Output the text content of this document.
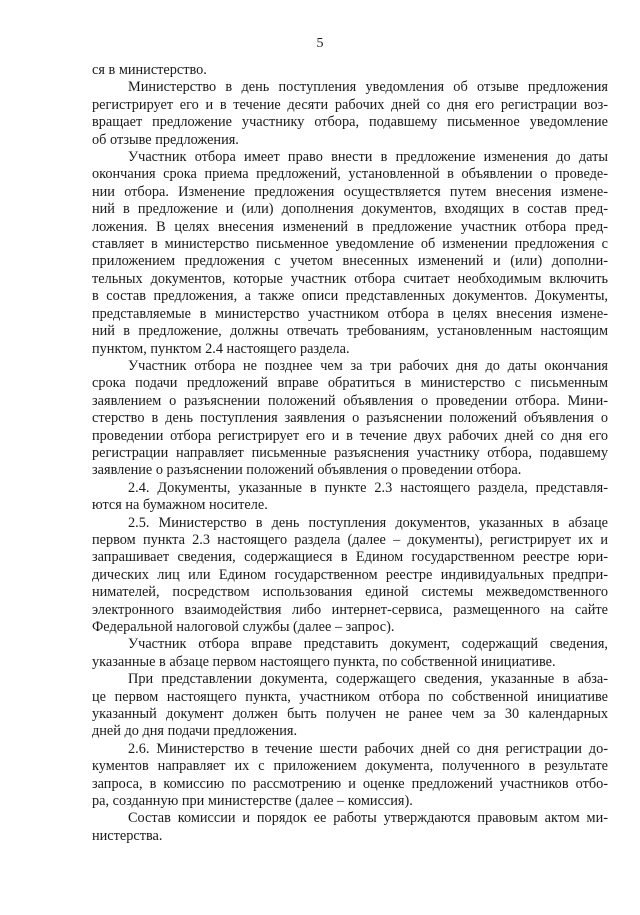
5
ся в министерство.
Министерство в день поступления уведомления об отзыве предложения
регистрирует его и в течение десяти рабочих дней со дня его регистрации воз-
вращает предложение участнику отбора, подавшему письменное уведомление
об отзыве предложения.
Участник отбора имеет право внести в предложение изменения до даты
окончания срока приема предложений, установленной в объявлении о проведе-
нии отбора. Изменение предложения осуществляется путем внесения измене-
ний в предложение и (или) дополнения документов, входящих в состав пред-
ложения. В целях внесения изменений в предложение участник отбора пред-
ставляет в министерство письменное уведомление об изменении предложения с
приложением предложения с учетом внесенных изменений и (или) дополни-
тельных документов, которые участник отбора считает необходимым включить
в состав предложения, а также описи представленных документов. Документы,
представляемые в министерство участником отбора в целях внесения измене-
ний в предложение, должны отвечать требованиям, установленным настоящим
пунктом, пунктом 2.4 настоящего раздела.
Участник отбора не позднее чем за три рабочих дня до даты окончания
срока подачи предложений вправе обратиться в министерство с письменным
заявлением о разъяснении положений объявления о проведении отбора. Мини-
стерство в день поступления заявления о разъяснении положений объявления о
проведении отбора регистрирует его и в течение двух рабочих дней со дня его
регистрации направляет письменные разъяснения участнику отбора, подавшему
заявление о разъяснении положений объявления о проведении отбора.
2.4. Документы, указанные в пункте 2.3 настоящего раздела, представля-
ются на бумажном носителе.
2.5. Министерство в день поступления документов, указанных в абзаце
первом пункта 2.3 настоящего раздела (далее – документы), регистрирует их и
запрашивает сведения, содержащиеся в Едином государственном реестре юри-
дических лиц или Едином государственном реестре индивидуальных предпри-
нимателей, посредством использования единой системы межведомственного
электронного взаимодействия либо интернет-сервиса, размещенного на сайте
Федеральной налоговой службы (далее – запрос).
Участник отбора вправе представить документ, содержащий сведения,
указанные в абзаце первом настоящего пункта, по собственной инициативе.
При представлении документа, содержащего сведения, указанные в абза-
це первом настоящего пункта, участником отбора по собственной инициативе
указанный документ должен быть получен не ранее чем за 30 календарных
дней до дня подачи предложения.
2.6. Министерство в течение шести рабочих дней со дня регистрации до-
кументов направляет их с приложением документа, полученного в результате
запроса, в комиссию по рассмотрению и оценке предложений участников отбо-
ра, созданную при министерстве (далее – комиссия).
Состав комиссии и порядок ее работы утверждаются правовым актом ми-
нистерства.
